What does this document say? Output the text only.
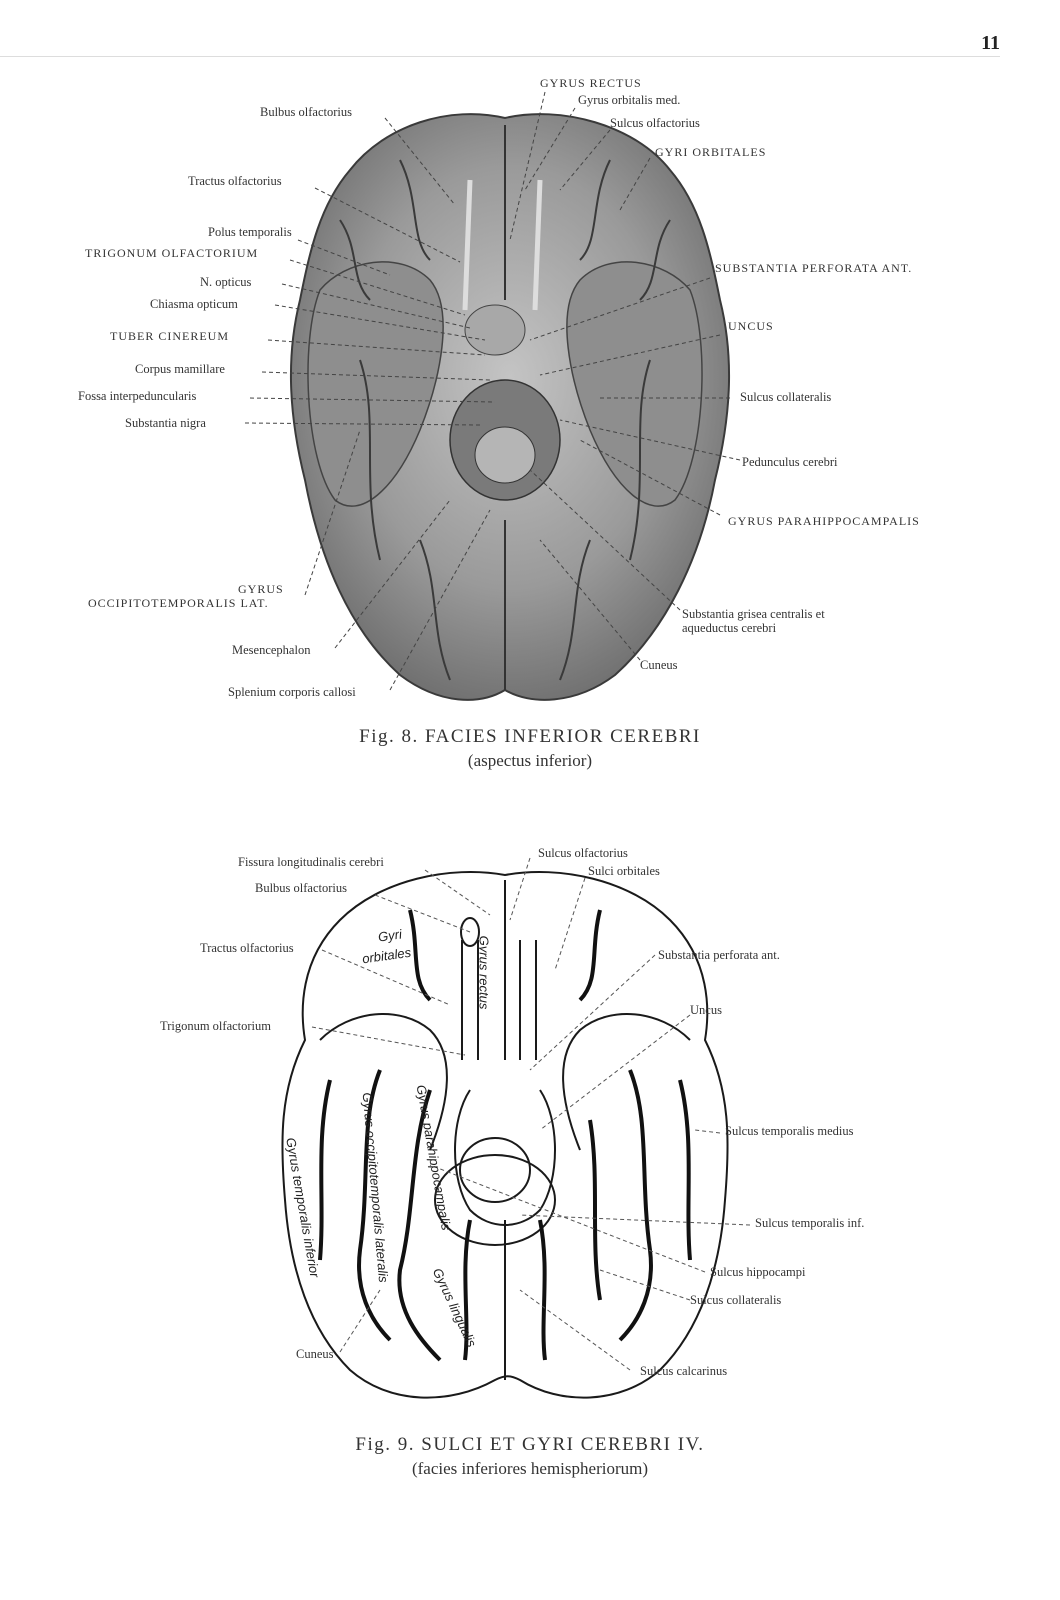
11
Bulbus olfactorius
Tractus olfactorius
Polus temporalis
TRIGONUM OLFACTORIUM
N. opticus
Chiasma opticum
TUBER CINEREUM
Corpus mamillare
Fossa interpeduncularis
Substantia nigra
GYRUS RECTUS
Gyrus orbitalis med.
Sulcus olfactorius
GYRI ORBITALES
SUBSTANTIA PERFORATA ANT.
UNCUS
Sulcus collateralis
Pedunculus cerebri
GYRUS PARAHIPPOCAMPALIS
Substantia grisea centralis et
aqueductus cerebri
Cuneus
GYRUS
OCCIPITOTEMPORALIS LAT.
Mesencephalon
Splenium corporis callosi
Fig. 8. FACIES INFERIOR CEREBRI
(aspectus inferior)
Fissura longitudinalis cerebri
Bulbus olfactorius
Tractus olfactorius
Trigonum olfactorium
Cuneus
Sulcus olfactorius
Sulci orbitales
Substantia perforata ant.
Uncus
Sulcus temporalis medius
Sulcus temporalis inf.
Sulcus hippocampi
Sulcus collateralis
Sulcus calcarinus
Gyri
orbitales	Gyrus rectus
Gyrus parahippocampalis
Gyrus occipitotemporalis lateralis
Gyrus temporalis inferior
Gyrus lingualis
Fig. 9. SULCI ET GYRI CEREBRI IV.
(facies inferiores hemispheriorum)
